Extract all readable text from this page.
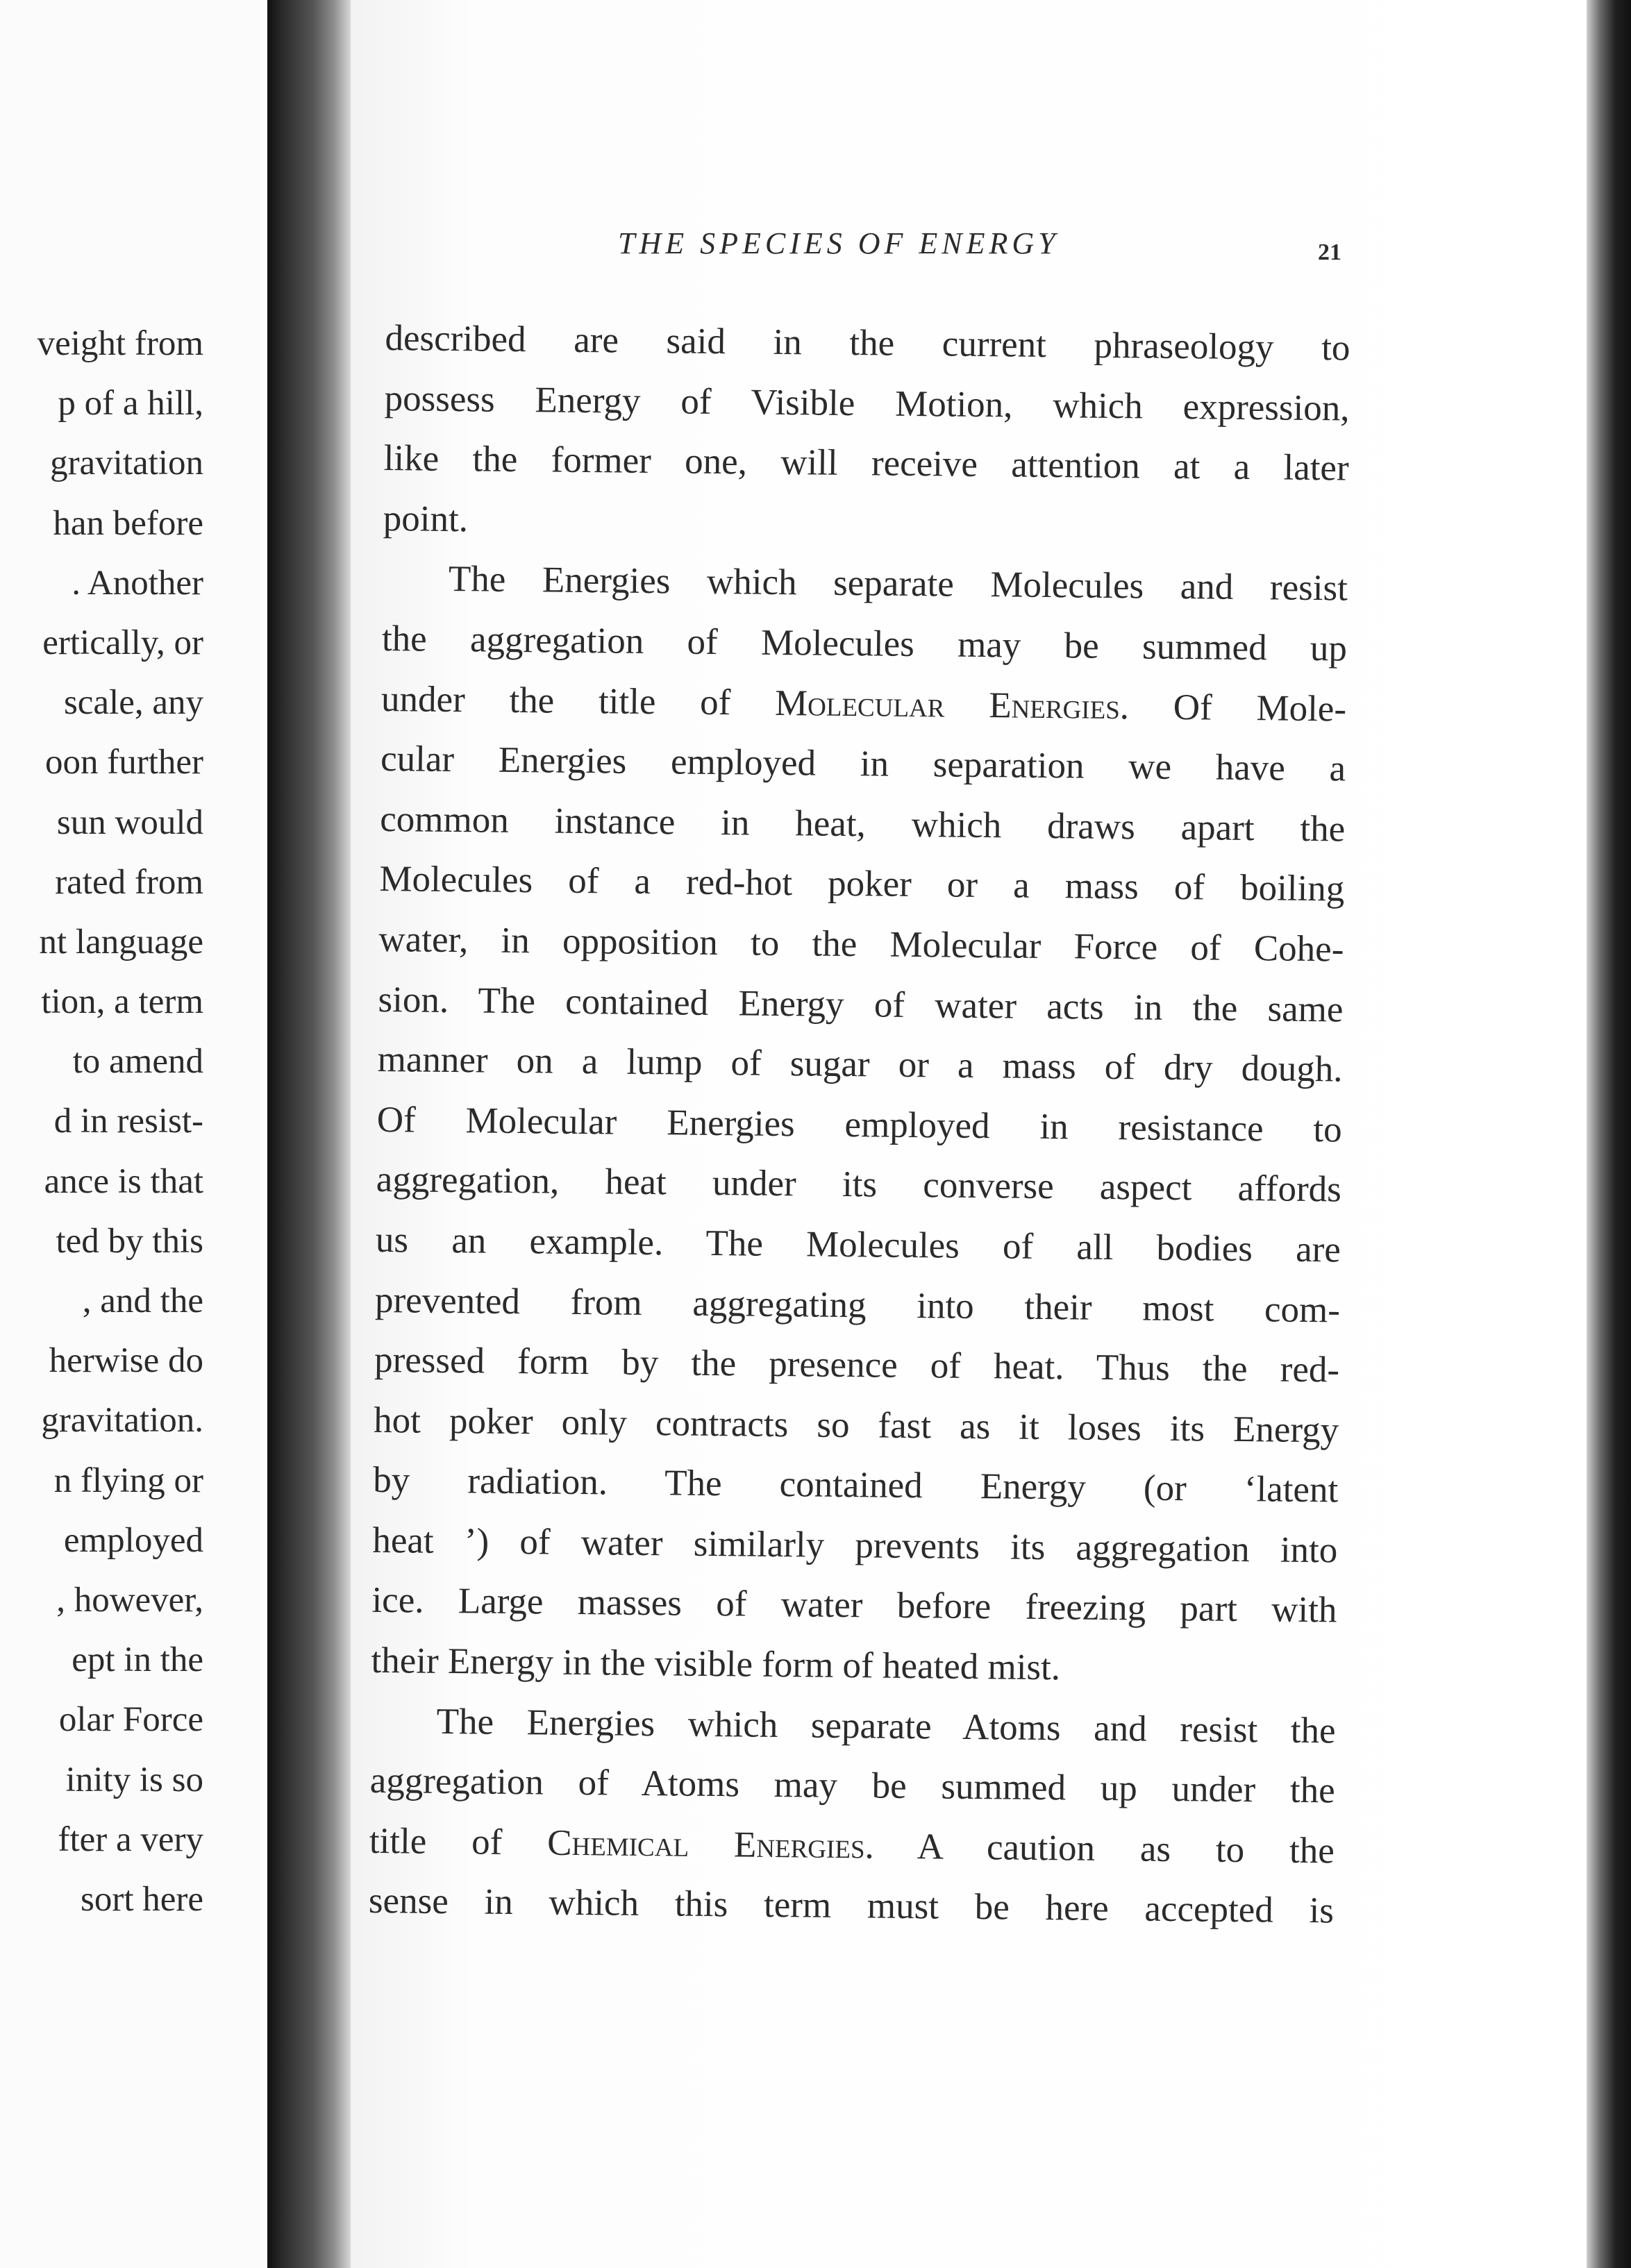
veight from
p of a hill,
gravitation
han before
. Another
ertically, or
scale, any
oon further
sun would
rated from
nt language
tion, a term
to amend
d in resist-
ance is that
ted by this
, and the
herwise do
gravitation.
n flying or
employed
, however,
ept in the
olar Force
inity is so
fter a very
sort here
THE SPECIES OF ENERGY	21
described are said in the current phraseology to
possess Energy of Visible Motion, which expression,
like the former one, will receive attention at a later
point.
The Energies which separate Molecules and resist
the aggregation of Molecules may be summed up
under the title of Molecular Energies. Of Mole-
cular Energies employed in separation we have a
common instance in heat, which draws apart the
Molecules of a red-hot poker or a mass of boiling
water, in opposition to the Molecular Force of Cohe-
sion. The contained Energy of water acts in the same
manner on a lump of sugar or a mass of dry dough.
Of Molecular Energies employed in resistance to
aggregation, heat under its converse aspect affords
us an example. The Molecules of all bodies are
prevented from aggregating into their most com-
pressed form by the presence of heat. Thus the red-
hot poker only contracts so fast as it loses its Energy
by radiation. The contained Energy (or ‘latent
heat ’) of water similarly prevents its aggregation into
ice. Large masses of water before freezing part with
their Energy in the visible form of heated mist.
The Energies which separate Atoms and resist the
aggregation of Atoms may be summed up under the
title of Chemical Energies. A caution as to the
sense in which this term must be here accepted is
